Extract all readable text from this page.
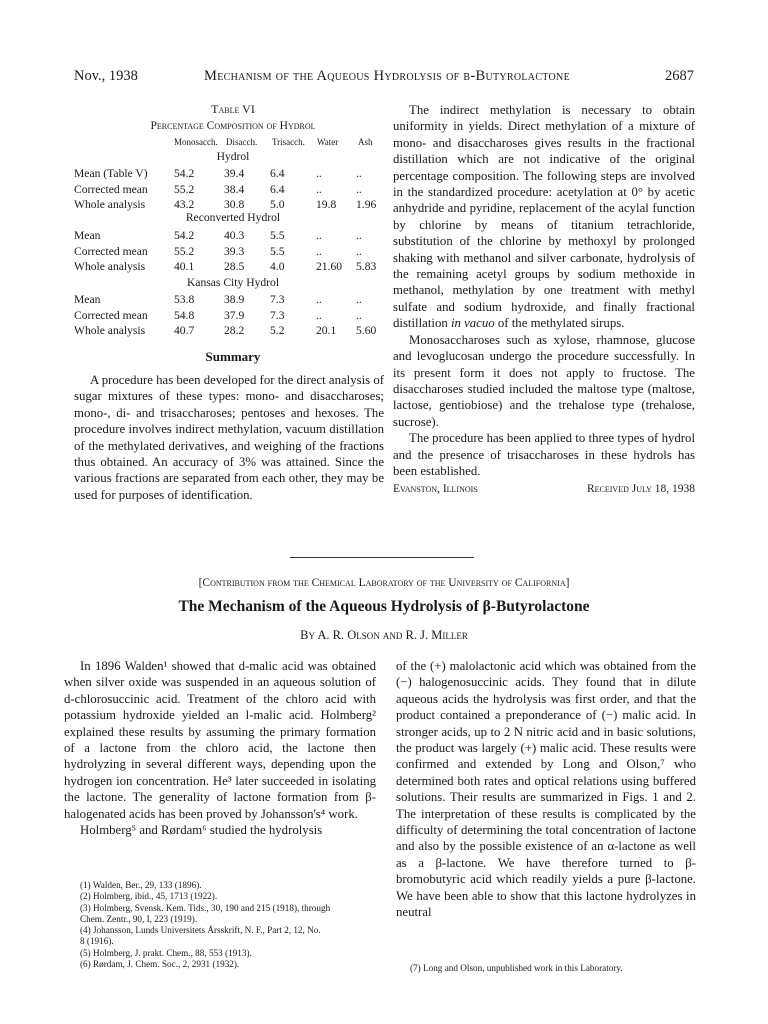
Nov., 1938	Mechanism of the Aqueous Hydrolysis of β-Butyrolactone	2687
Table VI
Percentage Composition of Hydrol
Monosacch. Disacch. Trisacch. Water Ash
Hydrol
Mean (Table V)	54.2	39.4	6.4	..	..
Corrected mean	55.2	38.4	6.4	..	..
Whole analysis	43.2	30.8	5.0	19.8	1.96
Reconverted Hydrol
Mean	54.2	40.3	5.5	..	..
Corrected mean	55.2	39.3	5.5	..	..
Whole analysis	40.1	28.5	4.0	21.60	5.83
Kansas City Hydrol
Mean	53.8	38.9	7.3	..	..
Corrected mean	54.8	37.9	7.3	..	..
Whole analysis	40.7	28.2	5.2	20.1	5.60
Summary

A procedure has been developed for the direct analysis of sugar mixtures of these types: mono- and disaccharoses; mono-, di- and trisaccharoses; pentoses and hexoses. The procedure involves indirect methylation, vacuum distillation of the methylated derivatives, and weighing of the fractions thus obtained. An accuracy of 3% was attained. Since the various fractions are separated from each other, they may be used for purposes of identification.

The indirect methylation is necessary to obtain uniformity in yields. Direct methylation of a mixture of mono- and disaccharoses gives results in the fractional distillation which are not indicative of the original percentage composition. The following steps are involved in the standardized procedure: acetylation at 0° by acetic anhydride and pyridine, replacement of the acylal function by chlorine by means of titanium tetrachloride, substitution of the chlorine by methoxyl by prolonged shaking with methanol and silver carbonate, hydrolysis of the remaining acetyl groups by sodium methoxide in methanol, methylation by one treatment with methyl sulfate and sodium hydroxide, and finally fractional distillation in vacuo of the methylated sirups.

Monosaccharoses such as xylose, rhamnose, glucose and levoglucosan undergo the procedure successfully. In its present form it does not apply to fructose. The disaccharoses studied included the maltose type (maltose, lactose, gentiobiose) and the trehalose type (trehalose, sucrose).

The procedure has been applied to three types of hydrol and the presence of trisaccharoses in these hydrols has been established.

Evanston, Illinois	Received July 18, 1938
[Contribution from the Chemical Laboratory of the University of California]
The Mechanism of the Aqueous Hydrolysis of β-Butyrolactone
By A. R. Olson and R. J. Miller

In 1896 Walden¹ showed that d-malic acid was obtained when silver oxide was suspended in an aqueous solution of d-chlorosuccinic acid. Treatment of the chloro acid with potassium hydroxide yielded an l-malic acid. Holmberg² explained these results by assuming the primary formation of a lactone from the chloro acid, the lactone then hydrolyzing in several different ways, depending upon the hydrogen ion concentration. He³ later succeeded in isolating the lactone. The generality of lactone formation from β-halogenated acids has been proved by Johansson's⁴ work.

Holmberg⁵ and Rørdam⁶ studied the hydrolysis

(1) Walden, Ber., 29, 133 (1896).
(2) Holmberg, ibid., 45, 1713 (1922).
(3) Holmberg, Svensk. Kem. Tids., 30, 190 and 215 (1918), through
Chem. Zentr., 90, I, 223 (1919).
(4) Johansson, Lunds Universitets Årsskrift, N. F., Part 2, 12, No.
8 (1916).
(5) Holmberg, J. prakt. Chem., 88, 553 (1913).
(6) Rørdam, J. Chem. Soc., 2, 2931 (1932).

of the (+) malolactonic acid which was obtained from the (−) halogenosuccinic acids. They found that in dilute aqueous acids the hydrolysis was first order, and that the product contained a preponderance of (−) malic acid. In stronger acids, up to 2 N nitric acid and in basic solutions, the product was largely (+) malic acid. These results were confirmed and extended by Long and Olson,⁷ who determined both rates and optical relations using buffered solutions. Their results are summarized in Figs. 1 and 2. The interpretation of these results is complicated by the difficulty of determining the total concentration of lactone and also by the possible existence of an α-lactone as well as a β-lactone. We have therefore turned to β-bromobutyric acid which readily yields a pure β-lactone. We have been able to show that this lactone hydrolyzes in neutral

(7) Long and Olson, unpublished work in this Laboratory.
